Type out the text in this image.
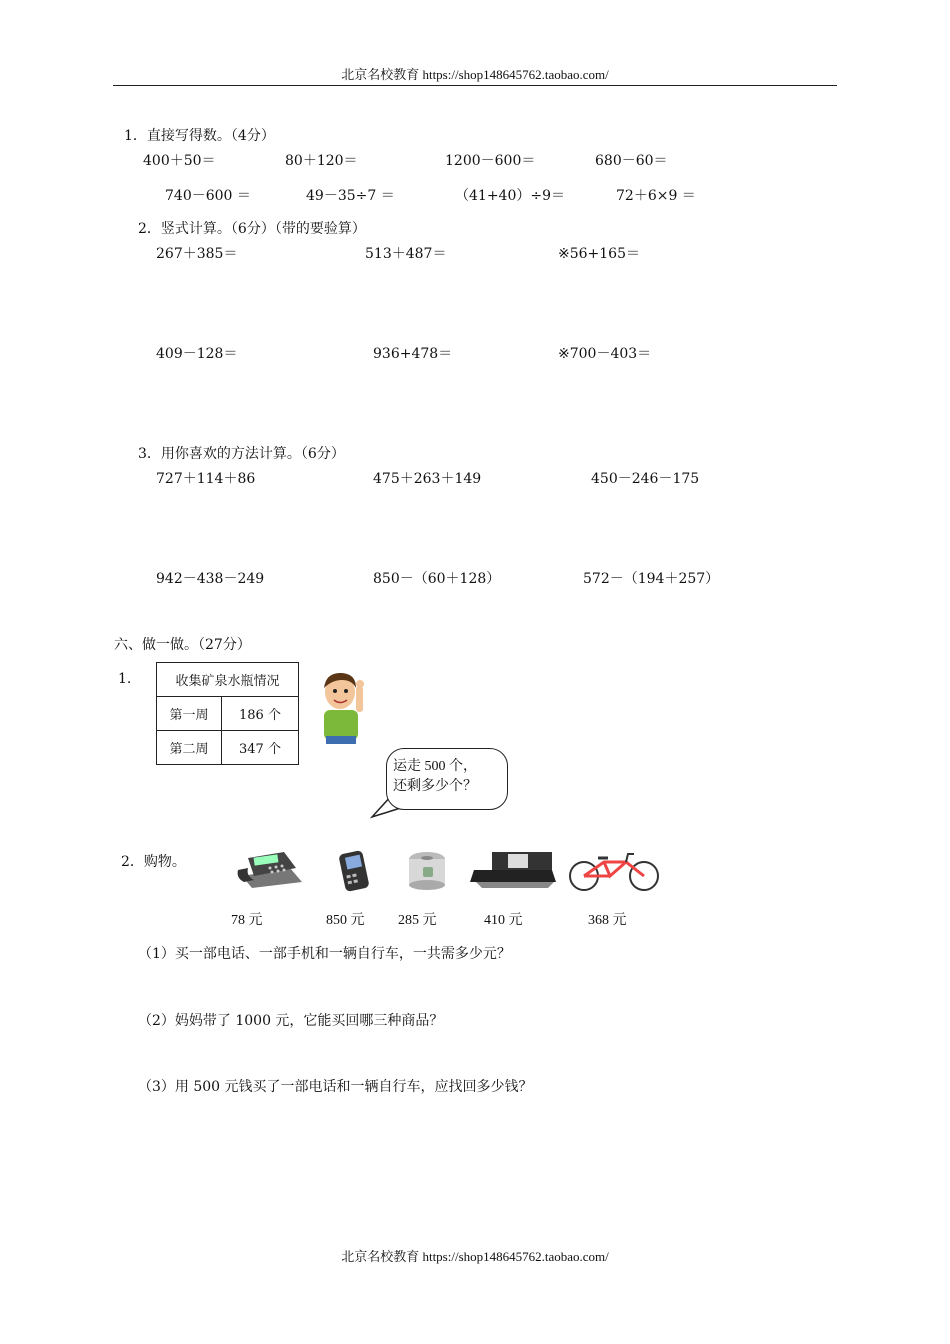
北京名校教育 https://shop148645762.taobao.com/
1．直接写得数。（4分）
400＋50＝	80＋120＝	1200－600＝	680－60＝
740－600 ＝	49－35÷7 ＝	（41+40）÷9＝	72＋6×9 ＝
2．竖式计算。（6分）（带的要验算）
267＋385＝	513＋487＝	※56+165＝
409－128＝	936+478＝	※700－403＝
3．用你喜欢的方法计算。（6分）
727＋114＋86	475＋263＋149	450－246－175
942－438－249	850－（60＋128）	572－（194＋257）
六、做一做。（27分）
1.	收集矿泉水瓶情况	
第一周	186 个
第二周	347 个
运走 500 个，
还剩多少个？
2．购物。
78 元	850 元 285 元	410 元	368 元
（1）买一部电话、一部手机和一辆自行车，一共需多少元？
（2）妈妈带了 1000 元，它能买回哪三种商品？
（3）用 500 元钱买了一部电话和一辆自行车，应找回多少钱？
北京名校教育 https://shop148645762.taobao.com/
